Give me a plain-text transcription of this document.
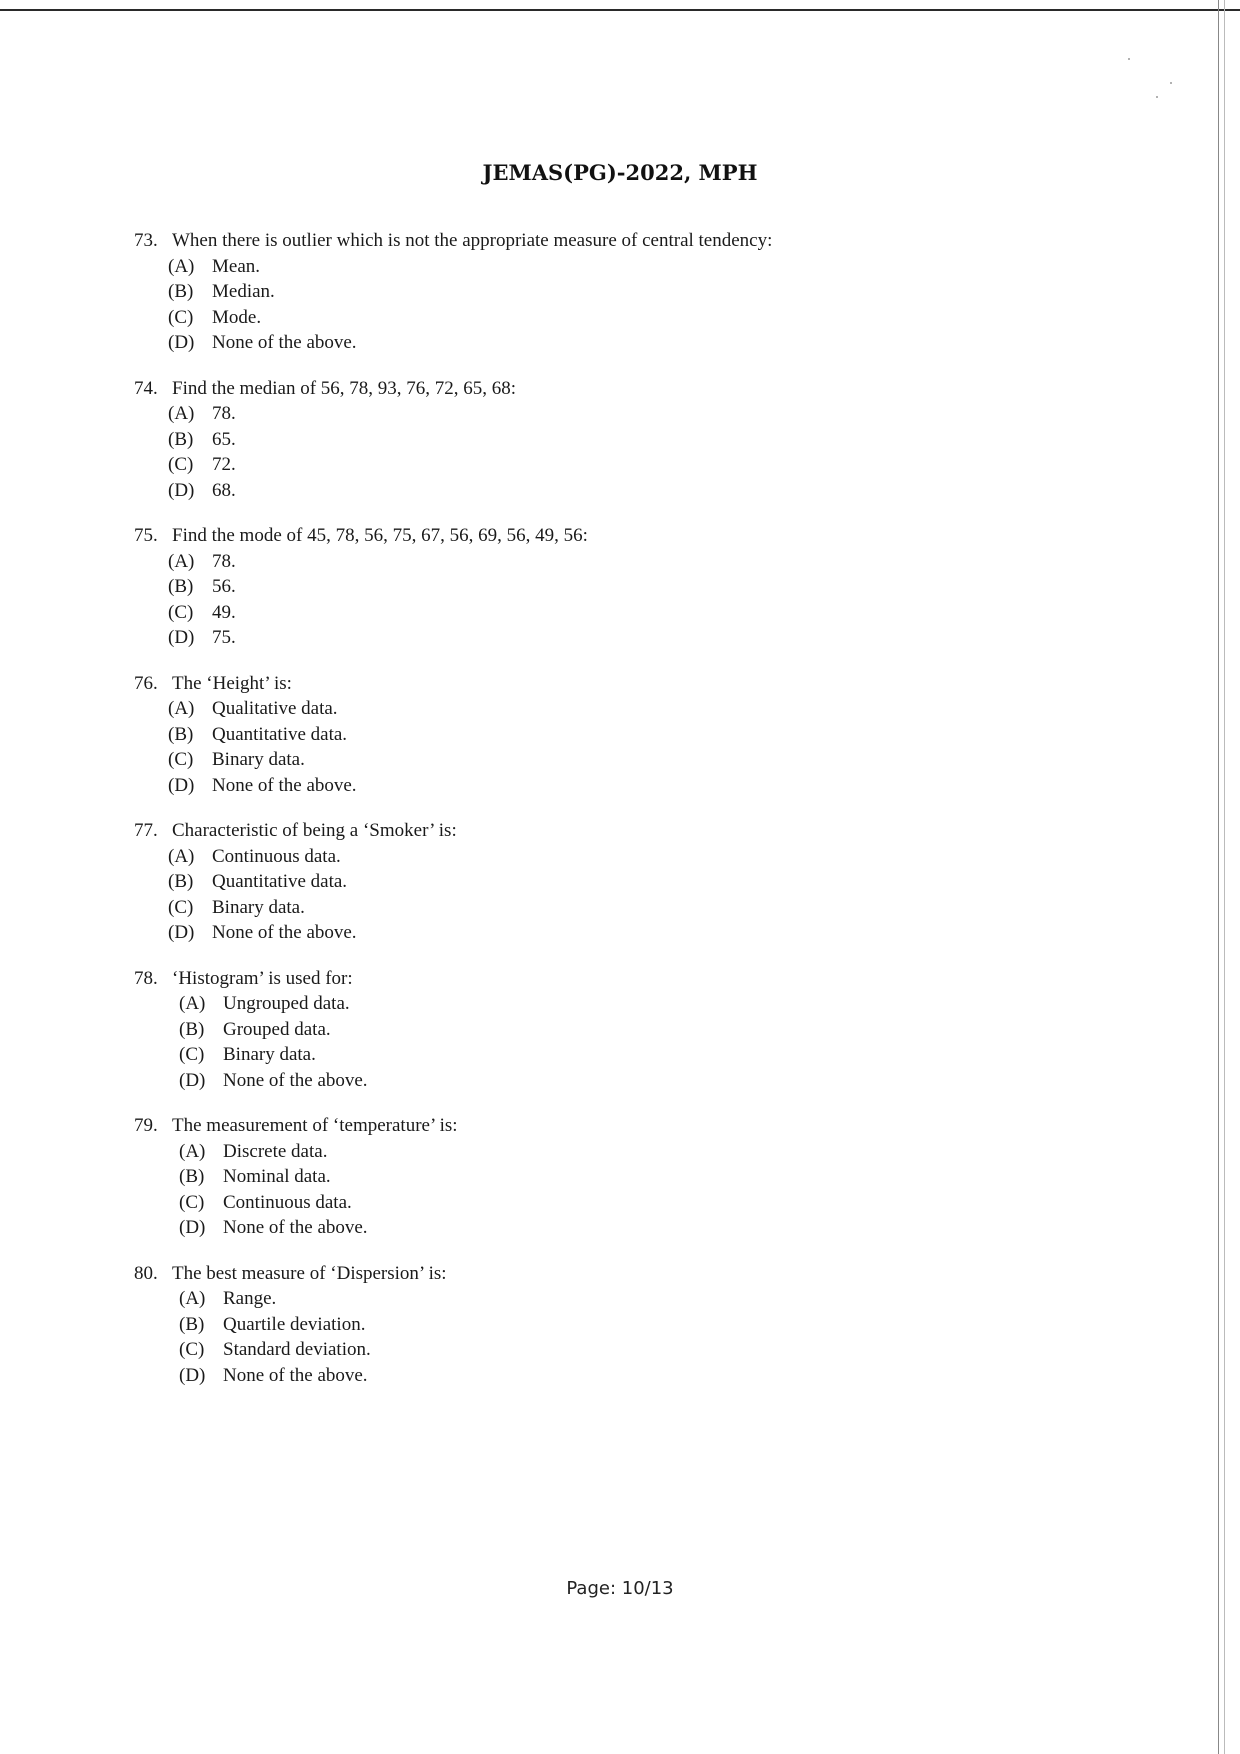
JEMAS(PG)-2022, MPH
73. When there is outlier which is not the appropriate measure of central tendency:
(A) Mean.
(B) Median.
(C) Mode.
(D) None of the above.
74. Find the median of 56, 78, 93, 76, 72, 65, 68:
(A) 78.
(B) 65.
(C) 72.
(D) 68.
75. Find the mode of 45, 78, 56, 75, 67, 56, 69, 56, 49, 56:
(A) 78.
(B) 56.
(C) 49.
(D) 75.
76. The ‘Height’ is:
(A) Qualitative data.
(B) Quantitative data.
(C) Binary data.
(D) None of the above.
77. Characteristic of being a ‘Smoker’ is:
(A) Continuous data.
(B) Quantitative data.
(C) Binary data.
(D) None of the above.
78. ‘Histogram’ is used for:
(A) Ungrouped data.
(B) Grouped data.
(C) Binary data.
(D) None of the above.
79. The measurement of ‘temperature’ is:
(A) Discrete data.
(B) Nominal data.
(C) Continuous data.
(D) None of the above.
80. The best measure of ‘Dispersion’ is:
(A) Range.
(B) Quartile deviation.
(C) Standard deviation.
(D) None of the above.
Page: 10/13
